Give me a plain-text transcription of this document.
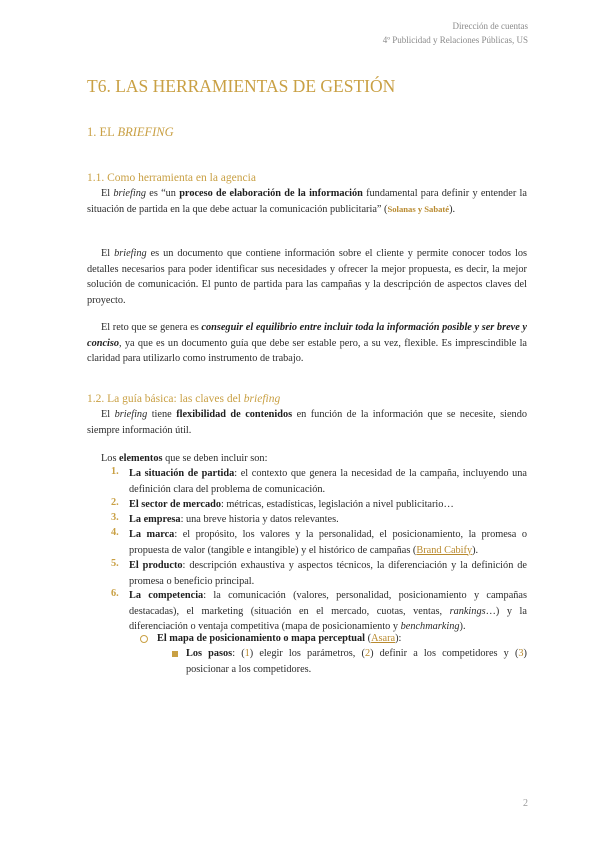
Dirección de cuentas
4º Publicidad y Relaciones Públicas, US
T6. LAS HERRAMIENTAS DE GESTIÓN
1. EL BRIEFING
1.1. Como herramienta en la agencia

El briefing es “un proceso de elaboración de la información fundamental para definir y entender la situación de partida en la que debe actuar la comunicación publicitaria” (Solanas y Sabaté).

El briefing es un documento que contiene información sobre el cliente y permite conocer todos los detalles necesarios para poder identificar sus necesidades y ofrecer la mejor propuesta, es decir, la mejor solución de comunicación. El punto de partida para las campañas y la descripción de aspectos claves del proyecto.

El reto que se genera es conseguir el equilibrio entre incluir toda la información posible y ser breve y conciso, ya que es un documento guía que debe ser estable pero, a su vez, flexible. Es imprescindible la claridad para utilizarlo como instrumento de trabajo.

1.2. La guía básica: las claves del briefing

El briefing tiene flexibilidad de contenidos en función de la información que se necesite, siendo siempre información útil.

Los elementos que se deben incluir son:

1. La situación de partida: el contexto que genera la necesidad de la campaña, incluyendo una definición clara del problema de comunicación.

2. El sector de mercado: métricas, estadísticas, legislación a nivel publicitario…

3. La empresa: una breve historia y datos relevantes.

4. La marca: el propósito, los valores y la personalidad, el posicionamiento, la promesa o propuesta de valor (tangible e intangible) y el histórico de campañas (Brand Cabify).

5. El producto: descripción exhaustiva y aspectos técnicos, la diferenciación y la definición de promesa o beneficio principal.

6. La competencia: la comunicación (valores, personalidad, posicionamiento y campañas destacadas), el marketing (situación en el mercado, cuotas, ventas, rankings…) y la diferenciación o ventaja competitiva (mapa de posicionamiento y benchmarking).

El mapa de posicionamiento o mapa perceptual (Asara):

Los pasos: (1) elegir los parámetros, (2) definir a los competidores y (3) posicionar a los competidores.

2
